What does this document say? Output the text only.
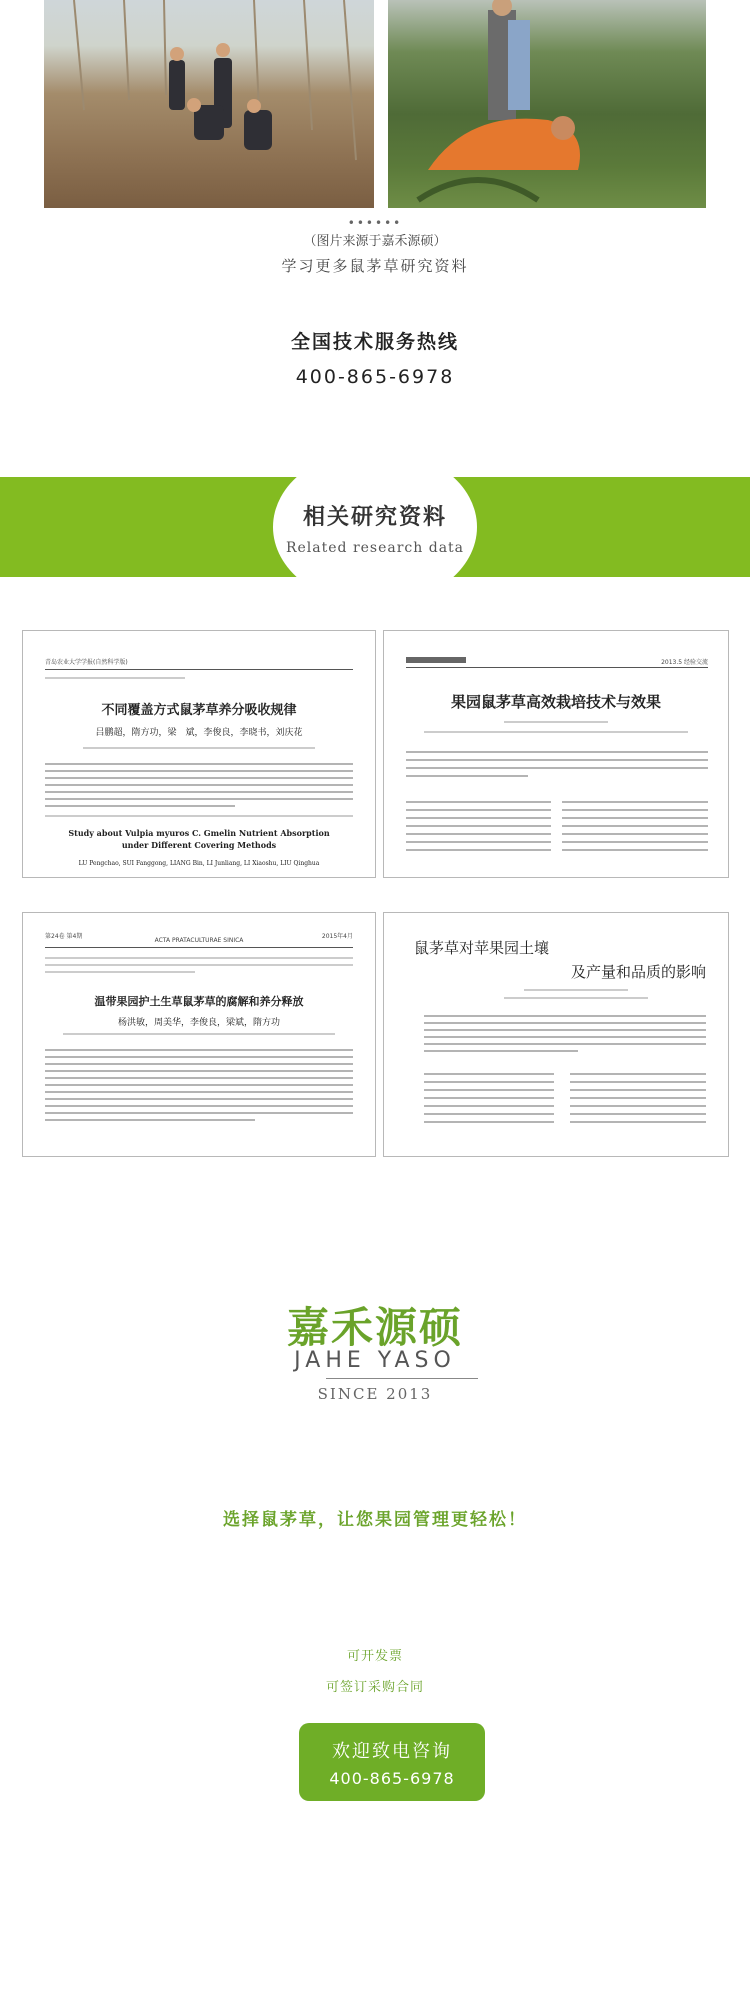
••••••
（图片来源于嘉禾源硕）
学习更多鼠茅草研究资料
全国技术服务热线
400-865-6978
相关研究资料
Related research data
青岛农业大学学报(自然科学版)
不同覆盖方式鼠茅草养分吸收规律
吕鹏超，隋方功，梁　斌，李俊良，李晓书，刘庆花
Study about Vulpia myuros C. Gmelin Nutrient Absorption under Different Covering Methods
LU Pengchao, SUI Fanggong, LIANG Bin, LI Junliang, LI Xiaoshu, LIU Qinghua
2013.5 经验交流
果园鼠茅草高效栽培技术与效果
第24卷 第4期
ACTA PRATACULTURAE SINICA
2015年4月
温带果园护土生草鼠茅草的腐解和养分释放
杨洪敏，周美华，李俊良，梁斌，隋方功
鼠茅草对苹果园土壤
及产量和品质的影响
嘉禾源硕
JAHE YASO
SINCE 2013
选择鼠茅草，让您果园管理更轻松！
可开发票
可签订采购合同
欢迎致电咨询
400-865-6978
